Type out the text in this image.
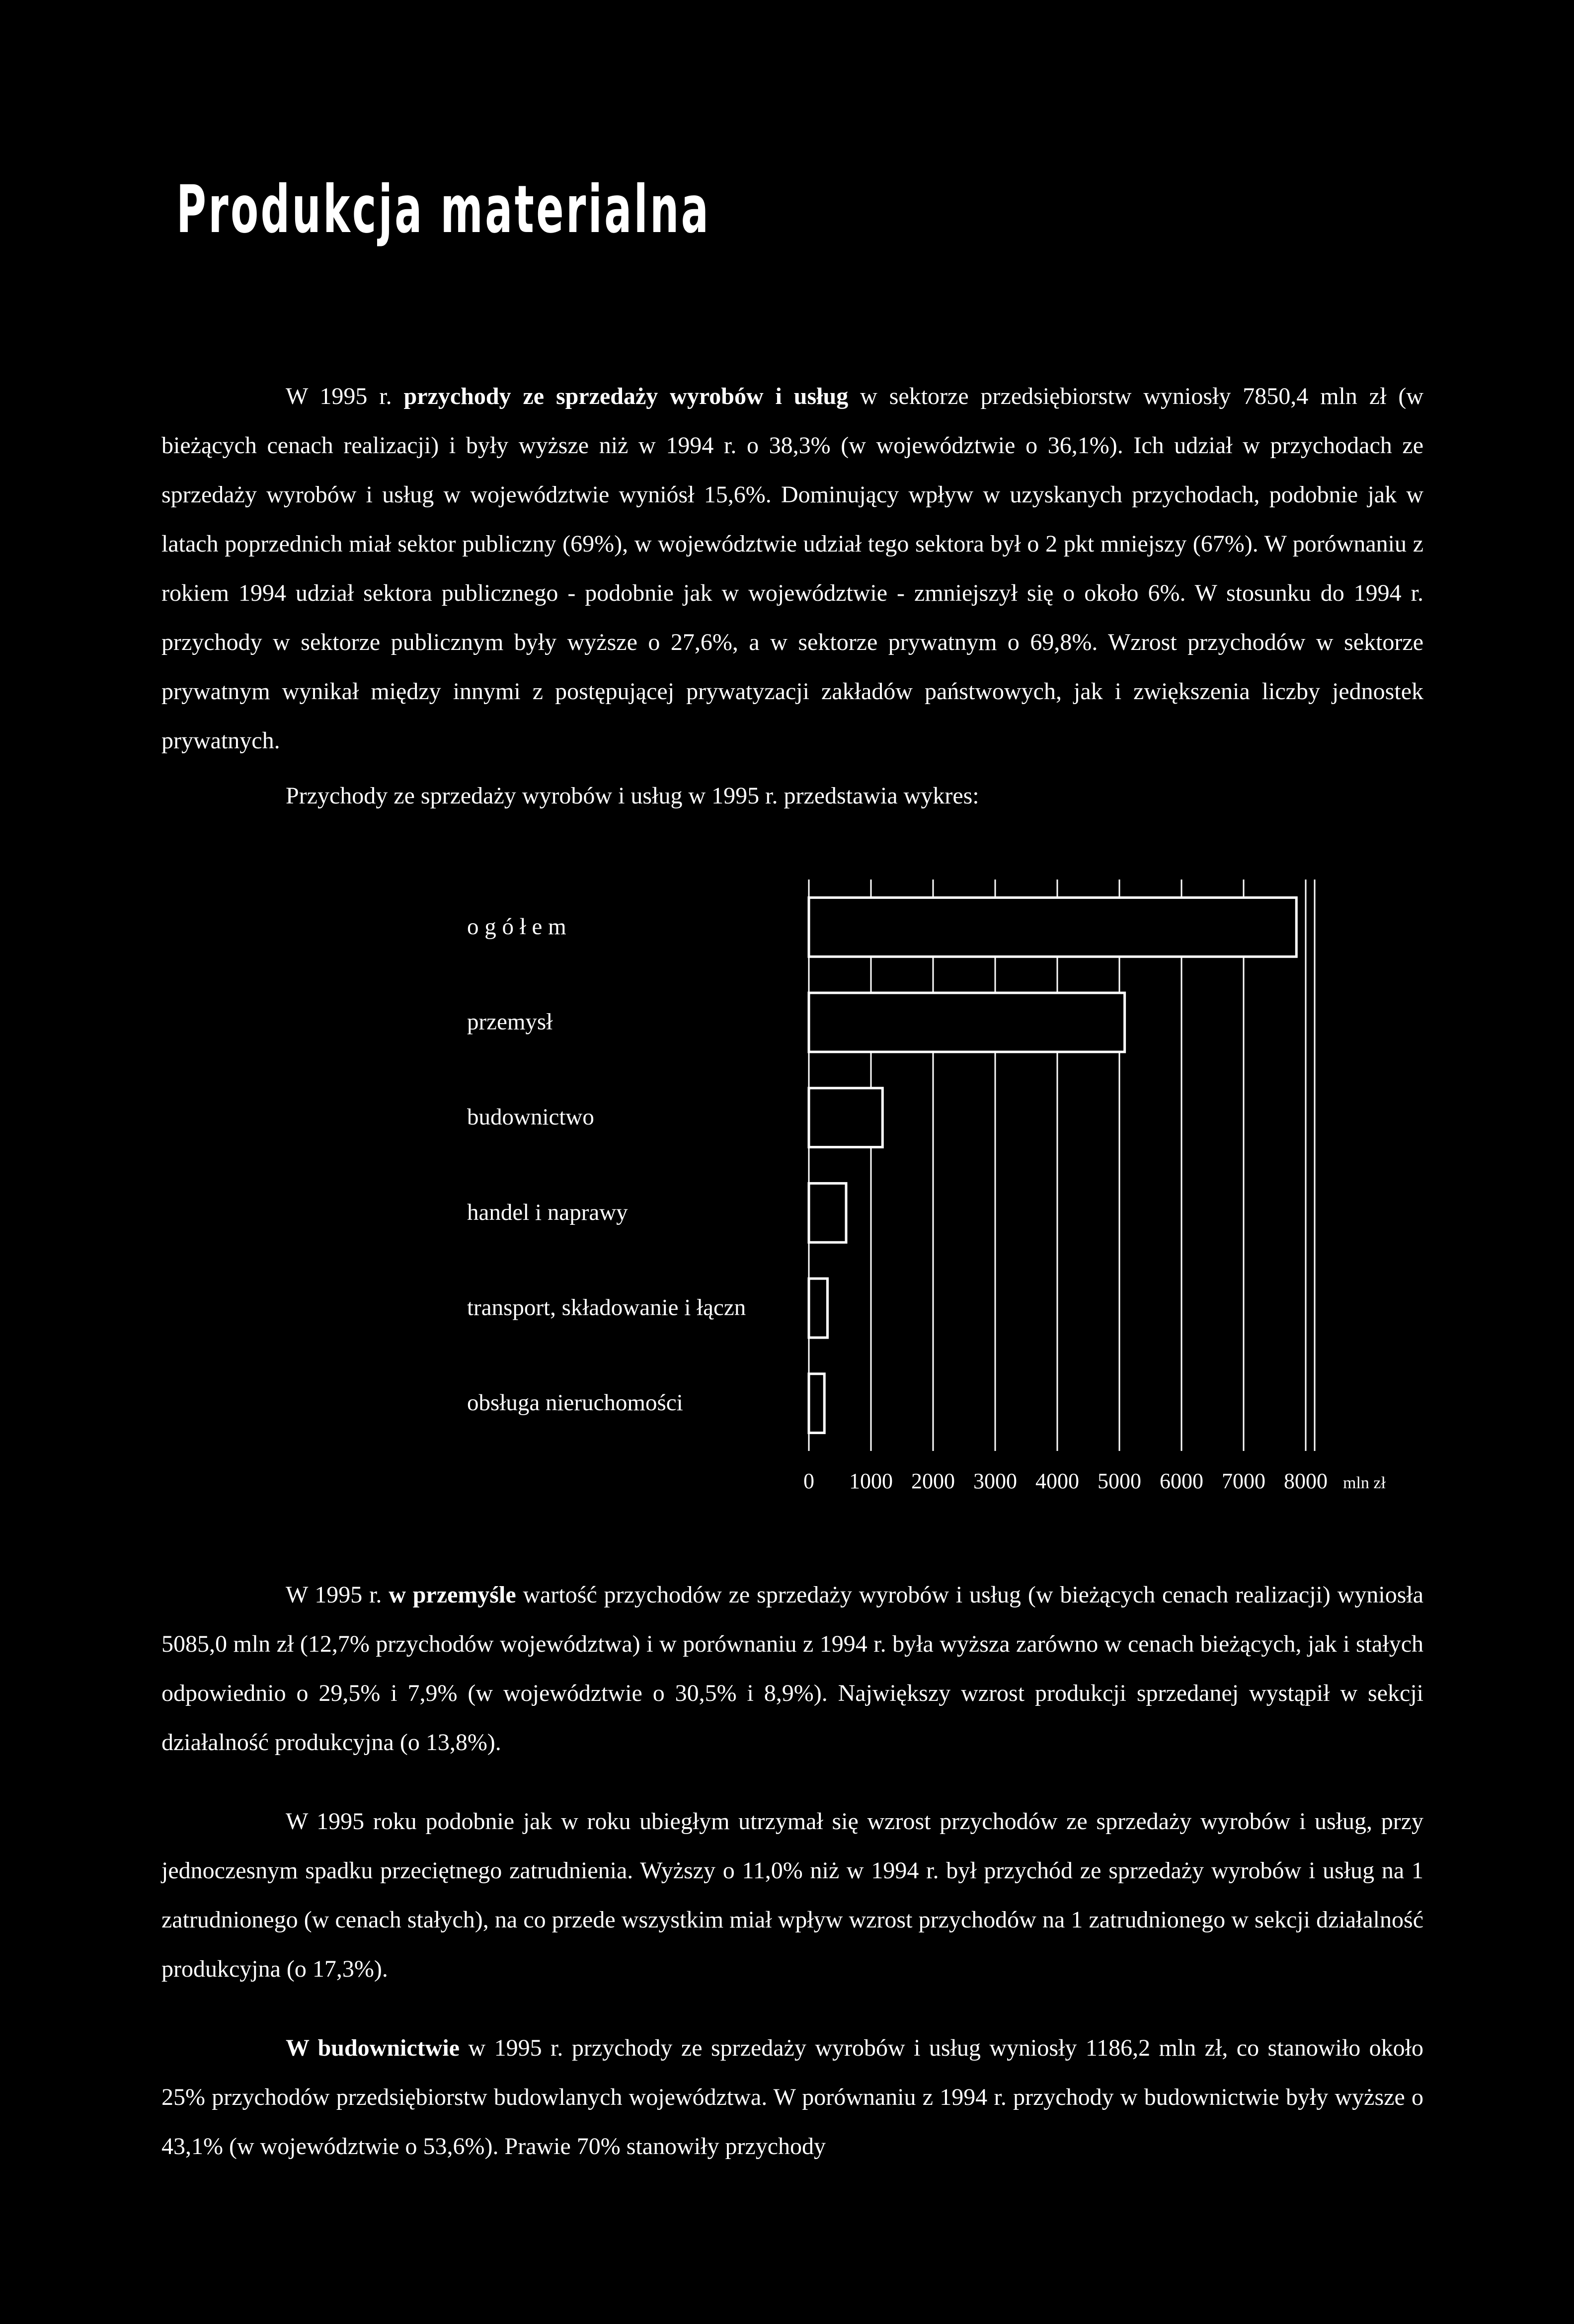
Produkcja materialna

W 1995 r. przychody ze sprzedaży wyrobów i usług w sektorze przedsiębiorstw wyniosły 7850,4 mln zł (w bieżących cenach realizacji) i były wyższe niż w 1994 r. o 38,3% (w województwie o 36,1%). Ich udział w przychodach ze sprzedaży wyrobów i usług w województwie wyniósł 15,6%. Dominujący wpływ w uzyskanych przychodach, podobnie jak w latach poprzednich miał sektor publiczny (69%), w województwie udział tego sektora był o 2 pkt mniejszy (67%). W porównaniu z rokiem 1994 udział sektora publicznego - podobnie jak w województwie - zmniejszył się o około 6%. W stosunku do 1994 r. przychody w sektorze publicznym były wyższe o 27,6%, a w sektorze prywatnym o 69,8%. Wzrost przychodów w sektorze prywatnym wynikał między innymi z postępującej prywatyzacji zakładów państwowych, jak i zwiększenia liczby jednostek prywatnych.

Przychody ze sprzedaży wyrobów i usług w 1995 r. przedstawia wykres:

o g ó ł e m
przemysł
budownictwo
handel i naprawy
transport, składowanie i łączn
obsługa nieruchomości
0 1000 2000 3000 4000 5000 6000 7000 8000 mln zł

W 1995 r. w przemyśle wartość przychodów ze sprzedaży wyrobów i usług (w bieżących cenach realizacji) wyniosła 5085,0 mln zł (12,7% przychodów województwa) i w porównaniu z 1994 r. była wyższa zarówno w cenach bieżących, jak i stałych odpowiednio o 29,5% i 7,9% (w województwie o 30,5% i 8,9%). Największy wzrost produkcji sprzedanej wystąpił w sekcji działalność produkcyjna (o 13,8%).

W 1995 roku podobnie jak w roku ubiegłym utrzymał się wzrost przychodów ze sprzedaży wyrobów i usług, przy jednoczesnym spadku przeciętnego zatrudnienia. Wyższy o 11,0% niż w 1994 r. był przychód ze sprzedaży wyrobów i usług na 1 zatrudnionego (w cenach stałych), na co przede wszystkim miał wpływ wzrost przychodów na 1 zatrudnionego w sekcji działalność produkcyjna (o 17,3%).

W budownictwie w 1995 r. przychody ze sprzedaży wyrobów i usług wyniosły 1186,2 mln zł, co stanowiło około 25% przychodów przedsiębiorstw budowlanych województwa. W porównaniu z 1994 r. przychody w budownictwie były wyższe o 43,1% (w województwie o 53,6%). Prawie 70% stanowiły przychody
